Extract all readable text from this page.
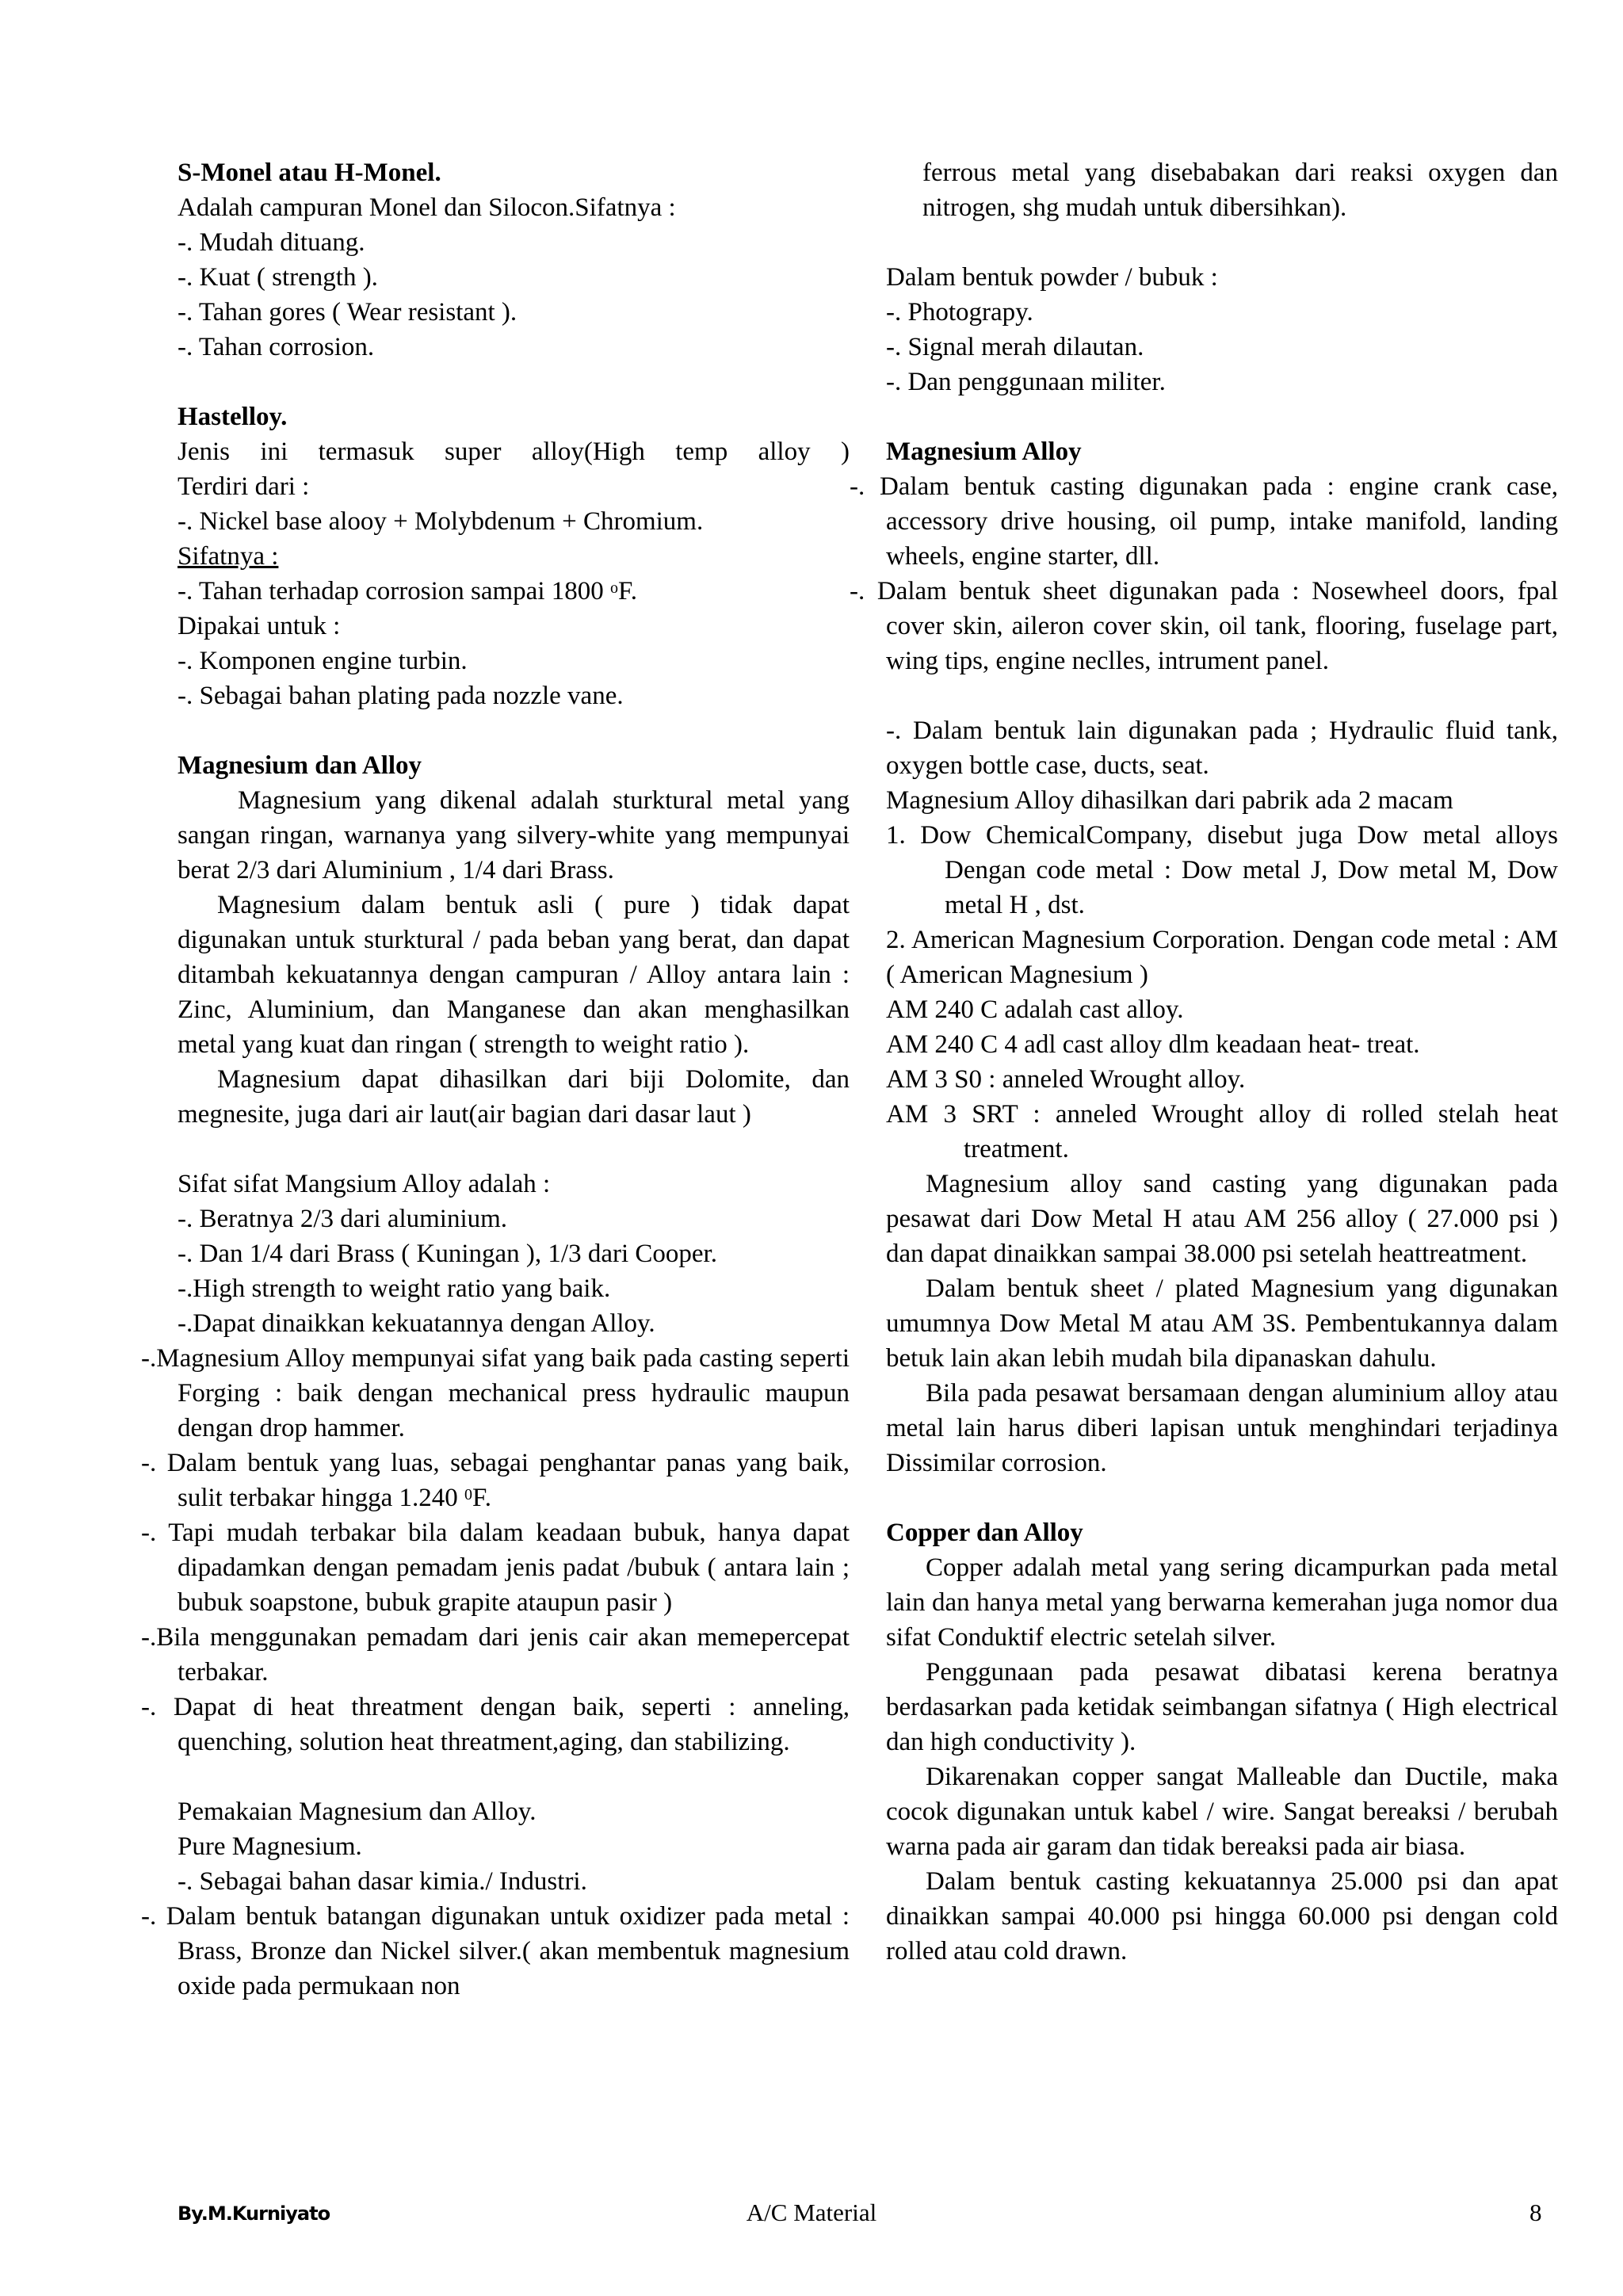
S-Monel atau H-Monel.
Adalah campuran Monel dan Silocon.Sifatnya :
-. Mudah dituang.
-. Kuat ( strength ).
-. Tahan gores ( Wear resistant ).
-. Tahan corrosion.
Hastelloy.
Jenis ini termasuk super alloy(High temp alloy )
Terdiri dari :
-. Nickel base alooy + Molybdenum + Chromium.
Sifatnya :
-. Tahan terhadap corrosion sampai 1800 $^o$F.
Dipakai untuk :
-. Komponen engine turbin.
-. Sebagai bahan plating pada nozzle vane.
Magnesium dan Alloy
Magnesium yang dikenal adalah sturktural metal yang sangan ringan, warnanya yang silvery-white yang mempunyai berat 2/3 dari Aluminium , 1/4 dari Brass.
Magnesium dalam bentuk asli ( pure ) tidak dapat digunakan untuk sturktural / pada beban yang berat, dan dapat ditambah kekuatannya dengan campuran / Alloy antara lain : Zinc, Aluminium, dan Manganese dan akan menghasilkan metal yang kuat dan ringan ( strength to weight ratio ).
Magnesium dapat dihasilkan dari biji Dolomite, dan megnesite, juga dari air laut(air bagian dari dasar laut )
Sifat sifat Mangsium Alloy adalah :
-. Beratnya 2/3 dari aluminium.
-. Dan 1/4 dari Brass ( Kuningan ), 1/3 dari Cooper.
-.High strength to weight ratio yang baik.
-.Dapat dinaikkan kekuatannya dengan Alloy.
-.Magnesium Alloy mempunyai sifat yang baik pada casting seperti Forging : baik dengan mechanical press hydraulic maupun dengan drop hammer.
-. Dalam bentuk yang luas, sebagai penghantar panas yang baik, sulit terbakar hingga 1.240 $^0$F.
-. Tapi mudah terbakar bila dalam keadaan bubuk, hanya dapat dipadamkan dengan pemadam jenis padat /bubuk ( antara lain ; bubuk soapstone, bubuk grapite ataupun pasir )
-.Bila menggunakan pemadam dari jenis cair akan memepercepat terbakar.
-. Dapat di heat threatment dengan baik, seperti : anneling, quenching, solution heat threatment,aging, dan stabilizing.
Pemakaian Magnesium dan Alloy.
Pure Magnesium.
-. Sebagai bahan dasar kimia./ Industri.
-. Dalam bentuk batangan digunakan untuk oxidizer pada metal : Brass, Bronze dan Nickel silver.( akan membentuk magnesium oxide pada permukaan non
ferrous metal yang disebabakan dari reaksi oxygen dan nitrogen, shg mudah untuk dibersihkan).
Dalam bentuk powder / bubuk :
-. Photograpy.
-. Signal merah dilautan.
-. Dan penggunaan militer.
Magnesium Alloy
-. Dalam bentuk casting digunakan pada : engine crank case, accessory drive housing, oil pump, intake manifold, landing wheels, engine starter, dll.
-. Dalam bentuk sheet digunakan pada : Nosewheel doors, fpal cover skin, aileron cover skin, oil tank, flooring, fuselage part, wing tips, engine neclles, intrument panel.
-. Dalam bentuk lain digunakan pada ; Hydraulic fluid tank, oxygen bottle case, ducts, seat.
Magnesium Alloy dihasilkan dari pabrik ada 2 macam
1. Dow ChemicalCompany, disebut juga Dow metal alloys Dengan code metal : Dow metal J, Dow metal M, Dow metal H , dst.
2. American Magnesium Corporation. Dengan code metal : AM ( American Magnesium )
AM 240 C adalah cast alloy.
AM 240 C 4 adl cast alloy dlm keadaan heat- treat.
AM 3 S0 : anneled Wrought alloy.
AM 3 SRT : anneled Wrought alloy di rolled stelah heat treatment.
Magnesium alloy sand casting yang digunakan pada pesawat dari Dow Metal H atau AM 256 alloy ( 27.000 psi ) dan dapat dinaikkan sampai 38.000 psi setelah heattreatment.
Dalam bentuk sheet / plated Magnesium yang digunakan umumnya Dow Metal M atau AM 3S. Pembentukannya dalam betuk lain akan lebih mudah bila dipanaskan dahulu.
Bila pada pesawat bersamaan dengan aluminium alloy atau metal lain harus diberi lapisan untuk menghindari terjadinya Dissimilar corrosion.
Copper dan Alloy
Copper adalah metal yang sering dicampurkan pada metal lain dan hanya metal yang berwarna kemerahan juga nomor dua sifat Conduktif electric setelah silver.
Penggunaan pada pesawat dibatasi kerena beratnya berdasarkan pada ketidak seimbangan sifatnya ( High electrical dan high conductivity ).
Dikarenakan copper sangat Malleable dan Ductile, maka cocok digunakan untuk kabel / wire. Sangat bereaksi / berubah warna pada air garam dan tidak bereaksi pada air biasa.
Dalam bentuk casting kekuatannya 25.000 psi dan apat dinaikkan sampai 40.000 psi hingga 60.000 psi dengan cold rolled atau cold drawn.
By.M.Kurniyato	A/C Material	8
